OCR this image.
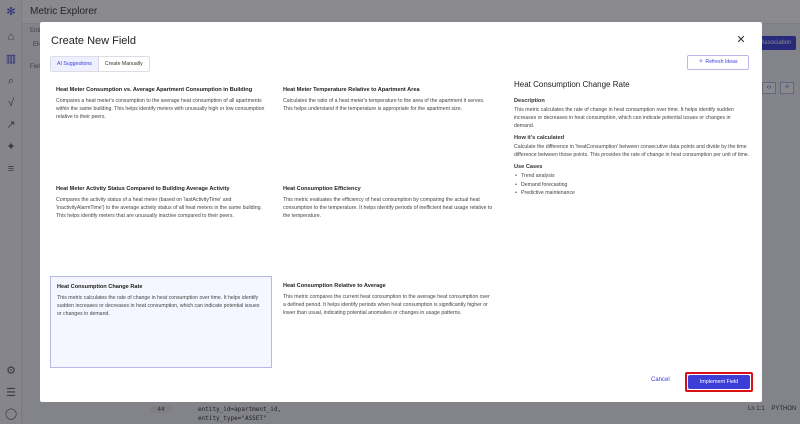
Create New Field	✕
AI Suggestions	Create Manually	✧ Refresh Ideas
Heat Meter Consumption vs. Average Apartment Consumption in Building
Compares a heat meter's consumption to the average heat consumption of all apartments within the same building. This helps identify meters with unusually high or low consumption relative to their peers.
Heat Meter Temperature Relative to Apartment Area
Calculates the ratio of a heat meter's temperature to the area of the apartment it serves. This helps understand if the temperature is appropriate for the apartment size.
Heat Meter Activity Status Compared to Building Average Activity
Compares the activity status of a heat meter (based on 'lastActivityTime' and 'inactivityAlarmTime') to the average activity status of all heat meters in the same building. This helps identify meters that are unusually inactive compared to their peers.
Heat Consumption Efficiency
This metric evaluates the efficiency of heat consumption by comparing the actual heat consumption to the temperature. It helps identify periods of inefficient heat usage relative to the temperature.
Heat Consumption Change Rate
This metric calculates the rate of change in heat consumption over time. It helps identify sudden increases or decreases in heat consumption, which can indicate potential issues or changes in demand.
Heat Consumption Relative to Average
This metric compares the current heat consumption to the average heat consumption over a defined period. It helps identify periods when heat consumption is significantly higher or lower than usual, indicating potential anomalies or changes in usage patterns.
Heat Consumption Change Rate
Description
This metric calculates the rate of change in heat consumption over time. It helps identify sudden increases or decreases in heat consumption, which can indicate potential issues or changes in demand.
How it's calculated
Calculate the difference in 'heatConsumption' between consecutive data points and divide by the time difference between those points. This provides the rate of change in heat consumption per unit of time.
Use Cases
• Trend analysis
• Demand forecasting
• Predictive maintenance
Cancel	Implement Field
